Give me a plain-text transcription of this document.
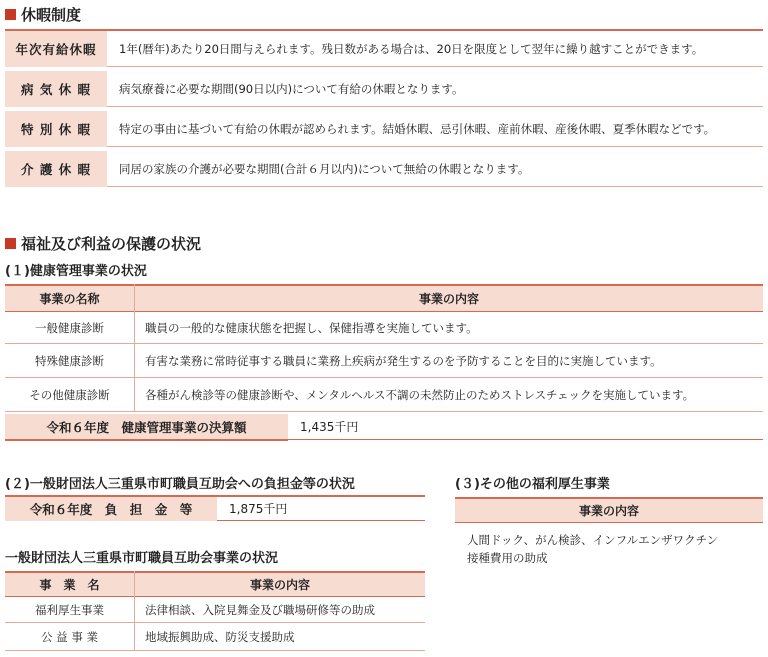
休暇制度
年次有給休暇	1年(暦年)あたり20日間与えられます。残日数がある場合は、20日を限度として翌年に繰り越すことができます。
病 気 休 暇	病気療養に必要な期間(90日以内)について有給の休暇となります。
特 別 休 暇	特定の事由に基づいて有給の休暇が認められます。結婚休暇、忌引休暇、産前休暇、産後休暇、夏季休暇などです。
介 護 休 暇	同居の家族の介護が必要な期間(合計６月以内)について無給の休暇となります。
福祉及び利益の保護の状況
(１)健康管理事業の状況
事業の名称	事業の内容
一般健康診断	職員の一般的な健康状態を把握し、保健指導を実施しています。
特殊健康診断	有害な業務に常時従事する職員に業務上疾病が発生するのを予防することを目的に実施しています。
その他健康診断	各種がん検診等の健康診断や、メンタルヘルス不調の未然防止のためストレスチェックを実施しています。
令和６年度　健康管理事業の決算額	1,435千円
(２)一般財団法人三重県市町職員互助会への負担金等の状況
令和６年度　負　担　金　等	1,875千円
一般財団法人三重県市町職員互助会事業の状況
事　業　名	事業の内容
福利厚生事業	法律相談、入院見舞金及び職場研修等の助成
公 益 事 業	地域振興助成、防災支援助成
(３)その他の福利厚生事業
事業の内容
人間ドック、がん検診、インフルエンザワクチン
接種費用の助成
